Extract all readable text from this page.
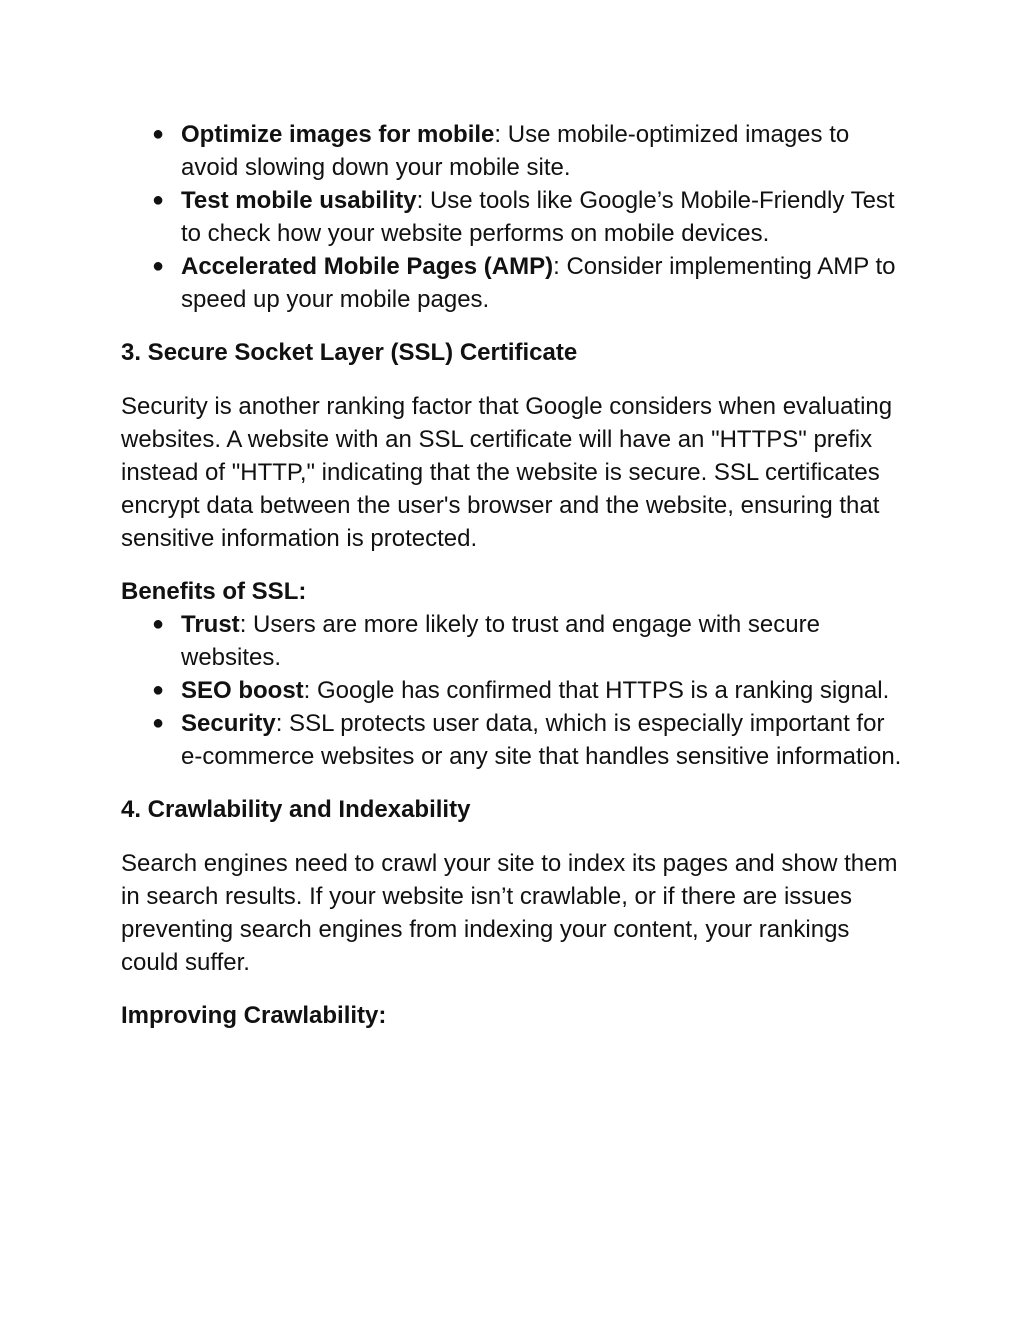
● Optimize images for mobile: Use mobile-optimized images to avoid slowing down your mobile site.
● Test mobile usability: Use tools like Google’s Mobile-Friendly Test to check how your website performs on mobile devices.
● Accelerated Mobile Pages (AMP): Consider implementing AMP to speed up your mobile pages.
3. Secure Socket Layer (SSL) Certificate

Security is another ranking factor that Google considers when evaluating websites. A website with an SSL certificate will have an "HTTPS" prefix instead of "HTTP," indicating that the website is secure. SSL certificates encrypt data between the user's browser and the website, ensuring that sensitive information is protected.

Benefits of SSL:
● Trust: Users are more likely to trust and engage with secure websites.
● SEO boost: Google has confirmed that HTTPS is a ranking signal.
● Security: SSL protects user data, which is especially important for e-commerce websites or any site that handles sensitive information.
4. Crawlability and Indexability

Search engines need to crawl your site to index its pages and show them in search results. If your website isn’t crawlable, or if there are issues preventing search engines from indexing your content, your rankings could suffer.

Improving Crawlability:
